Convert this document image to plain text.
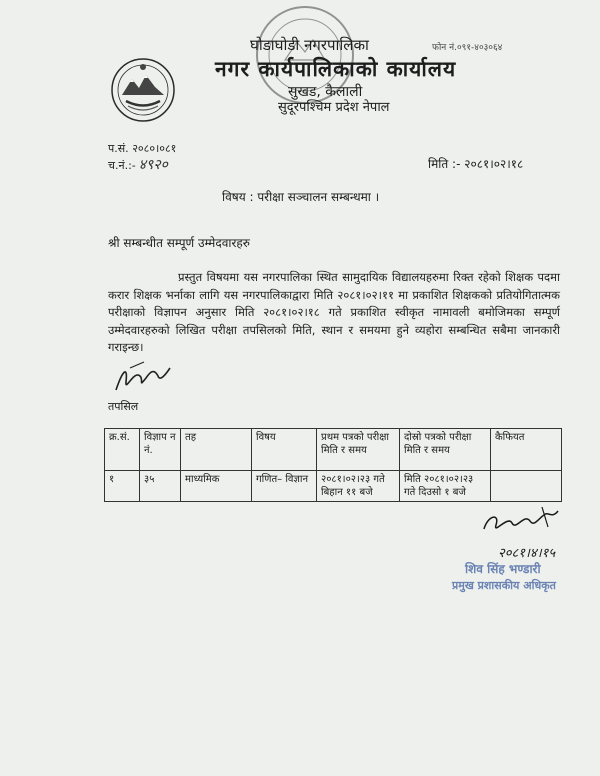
फोन नं.०९१-४०३०६४
घोडाघोडी नगरपालिका
नगर कार्यपालिकाको कार्यालय
सुखड, कैलाली
सुदूरपश्चिम प्रदेश नेपाल
प.सं. २०८०।०८१
च.नं.:- ४९२०	मिति :- २०८१।०२।१८
विषय : परीक्षा सञ्चालन सम्बन्धमा ।
श्री सम्बन्धीत सम्पूर्ण उम्मेदवारहरु
प्रस्तुत विषयमा यस नगरपालिका स्थित सामुदायिक विद्यालयहरुमा रिक्त रहेको शिक्षक पदमा करार शिक्षक भर्नाका लागि यस नगरपालिकाद्वारा मिति २०८१।०२।११ मा प्रकाशित शिक्षकको प्रतियोगितात्मक परीक्षाको विज्ञापन अनुसार मिति २०८१।०२।१८ गते प्रकाशित स्वीकृत नामावली बमोजिमका सम्पूर्ण उम्मेदवारहरुको लिखित परीक्षा तपसिलको मिति, स्थान र समयमा हुने व्यहोरा सम्बन्धित सबैमा जानकारी गराइन्छ।
तपसिल
क्र.सं.	विज्ञाप न नं.	तह	विषय	प्रथम पत्रको परीक्षा मिति र समय	दोस्रो पत्रको परीक्षा मिति र समय	कैफियत
१	३५	माध्यमिक	गणित– विज्ञान	२०८१।०२।२३ गते बिहान ११ बजे	मिति २०८१।०२।२३ गते दिउसो १ बजे	
२०८१।४।१५
शिव सिंह भण्डारी
प्रमुख प्रशासकीय अधिकृत
